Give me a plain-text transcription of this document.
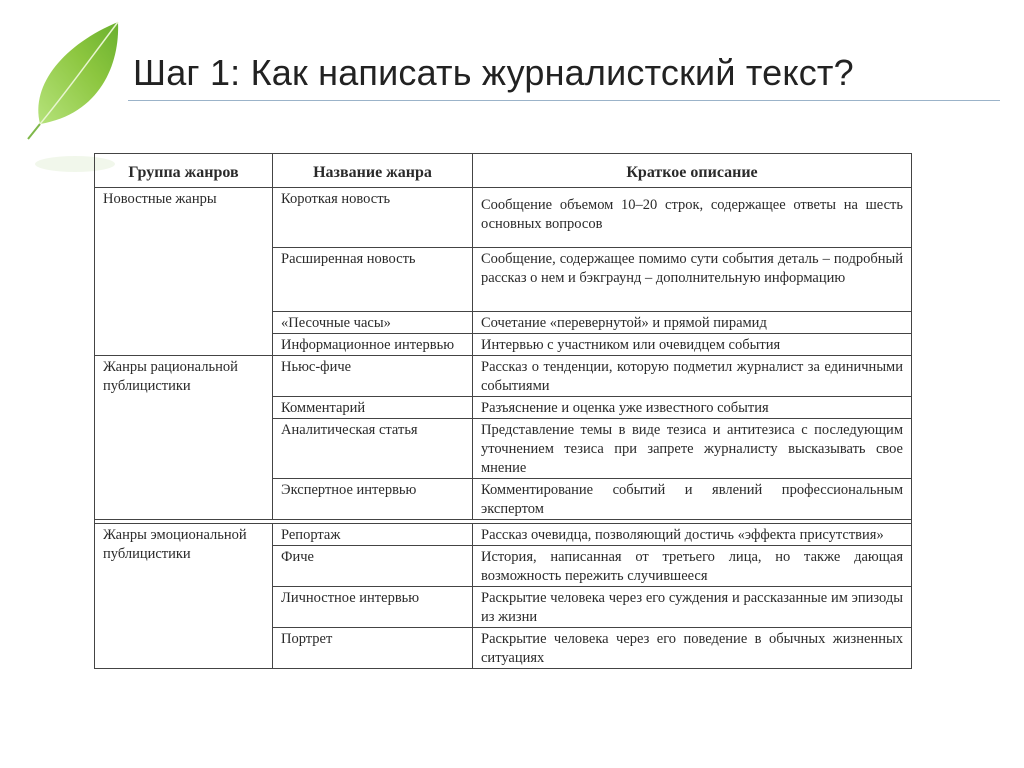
Шаг 1: Как написать журналистский текст?
Группа жанров	Название жанра	Краткое описание
Новостные жанры	Короткая новость	Сообщение объемом 10–20 строк, содержащее ответы на шесть основных вопросов
	Расширенная новость	Сообщение, содержащее помимо сути события деталь – подробный рассказ о нем и бэкграунд – дополнительную информацию
	«Песочные часы»	Сочетание «перевернутой» и прямой пирамид
	Информационное интервью	Интервью с участником или очевидцем события
Жанры рациональной публицистики	Ньюс-фиче	Рассказ о тенденции, которую подметил журналист за единичными событиями
	Комментарий	Разъяснение и оценка уже известного события
	Аналитическая статья	Представление темы в виде тезиса и антитезиса с последующим уточнением тезиса при запрете журналисту высказывать свое мнение
	Экспертное интервью	Комментирование событий и явлений профессиональным экспертом

Жанры эмоциональной публицистики	Репортаж	Рассказ очевидца, позволяющий достичь «эффекта присутствия»
	Фиче	История, написанная от третьего лица, но также дающая возможность пережить случившееся
	Личностное интервью	Раскрытие человека через его суждения и рассказанные им эпизоды из жизни
	Портрет	Раскрытие человека через его поведение в обычных жизненных ситуациях
